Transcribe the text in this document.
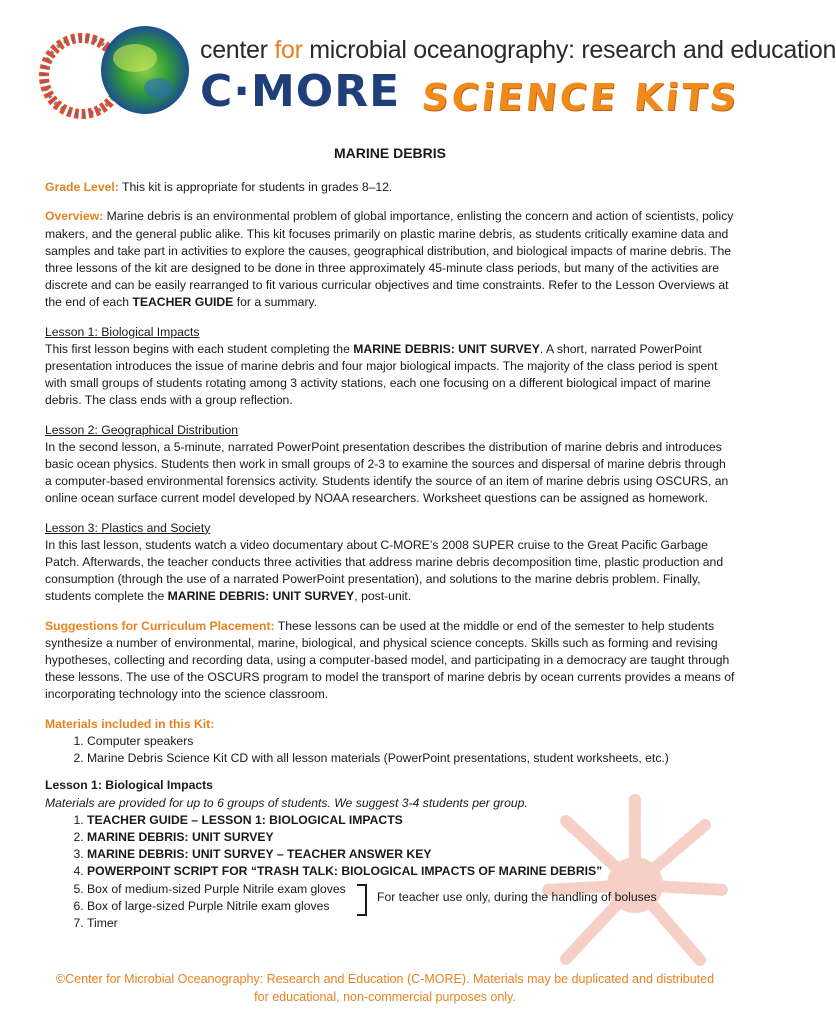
center for microbial oceanography: research and education
C·MORE SCiENCE KiTS
MARINE DEBRIS

Grade Level: This kit is appropriate for students in grades 8–12.

Overview: Marine debris is an environmental problem of global importance, enlisting the concern and action of scientists, policy makers, and the general public alike. This kit focuses primarily on plastic marine debris, as students critically examine data and samples and take part in activities to explore the causes, geographical distribution, and biological impacts of marine debris. The three lessons of the kit are designed to be done in three approximately 45-minute class periods, but many of the activities are discrete and can be easily rearranged to fit various curricular objectives and time constraints. Refer to the Lesson Overviews at the end of each TEACHER GUIDE for a summary.

Lesson 1: Biological Impacts
This first lesson begins with each student completing the MARINE DEBRIS: UNIT SURVEY. A short, narrated PowerPoint presentation introduces the issue of marine debris and four major biological impacts. The majority of the class period is spent with small groups of students rotating among 3 activity stations, each one focusing on a different biological impact of marine debris. The class ends with a group reflection.

Lesson 2: Geographical Distribution
In the second lesson, a 5-minute, narrated PowerPoint presentation describes the distribution of marine debris and introduces basic ocean physics. Students then work in small groups of 2-3 to examine the sources and dispersal of marine debris through a computer-based environmental forensics activity. Students identify the source of an item of marine debris using OSCURS, an online ocean surface current model developed by NOAA researchers. Worksheet questions can be assigned as homework.

Lesson 3: Plastics and Society
In this last lesson, students watch a video documentary about C-MORE’s 2008 SUPER cruise to the Great Pacific Garbage Patch. Afterwards, the teacher conducts three activities that address marine debris decomposition time, plastic production and consumption (through the use of a narrated PowerPoint presentation), and solutions to the marine debris problem. Finally, students complete the MARINE DEBRIS: UNIT SURVEY, post-unit.

Suggestions for Curriculum Placement: These lessons can be used at the middle or end of the semester to help students synthesize a number of environmental, marine, biological, and physical science concepts. Skills such as forming and revising hypotheses, collecting and recording data, using a computer-based model, and participating in a democracy are taught through these lessons. The use of the OSCURS program to model the transport of marine debris by ocean currents provides a means of incorporating technology into the science classroom.

Materials included in this Kit:
1. Computer speakers
2. Marine Debris Science Kit CD with all lesson materials (PowerPoint presentations, student worksheets, etc.)
Lesson 1: Biological Impacts
Materials are provided for up to 6 groups of students. We suggest 3-4 students per group.
1. TEACHER GUIDE – LESSON 1: BIOLOGICAL IMPACTS
2. MARINE DEBRIS: UNIT SURVEY
3. MARINE DEBRIS: UNIT SURVEY – TEACHER ANSWER KEY
4. POWERPOINT SCRIPT FOR “TRASH TALK: BIOLOGICAL IMPACTS OF MARINE DEBRIS”
5. Box of medium-sized Purple Nitrile exam gloves
For teacher use only, during the handling of boluses
6. Box of large-sized Purple Nitrile exam gloves
7. Timer
©Center for Microbial Oceanography: Research and Education (C-MORE). Materials may be duplicated and distributed
for educational, non-commercial purposes only.
